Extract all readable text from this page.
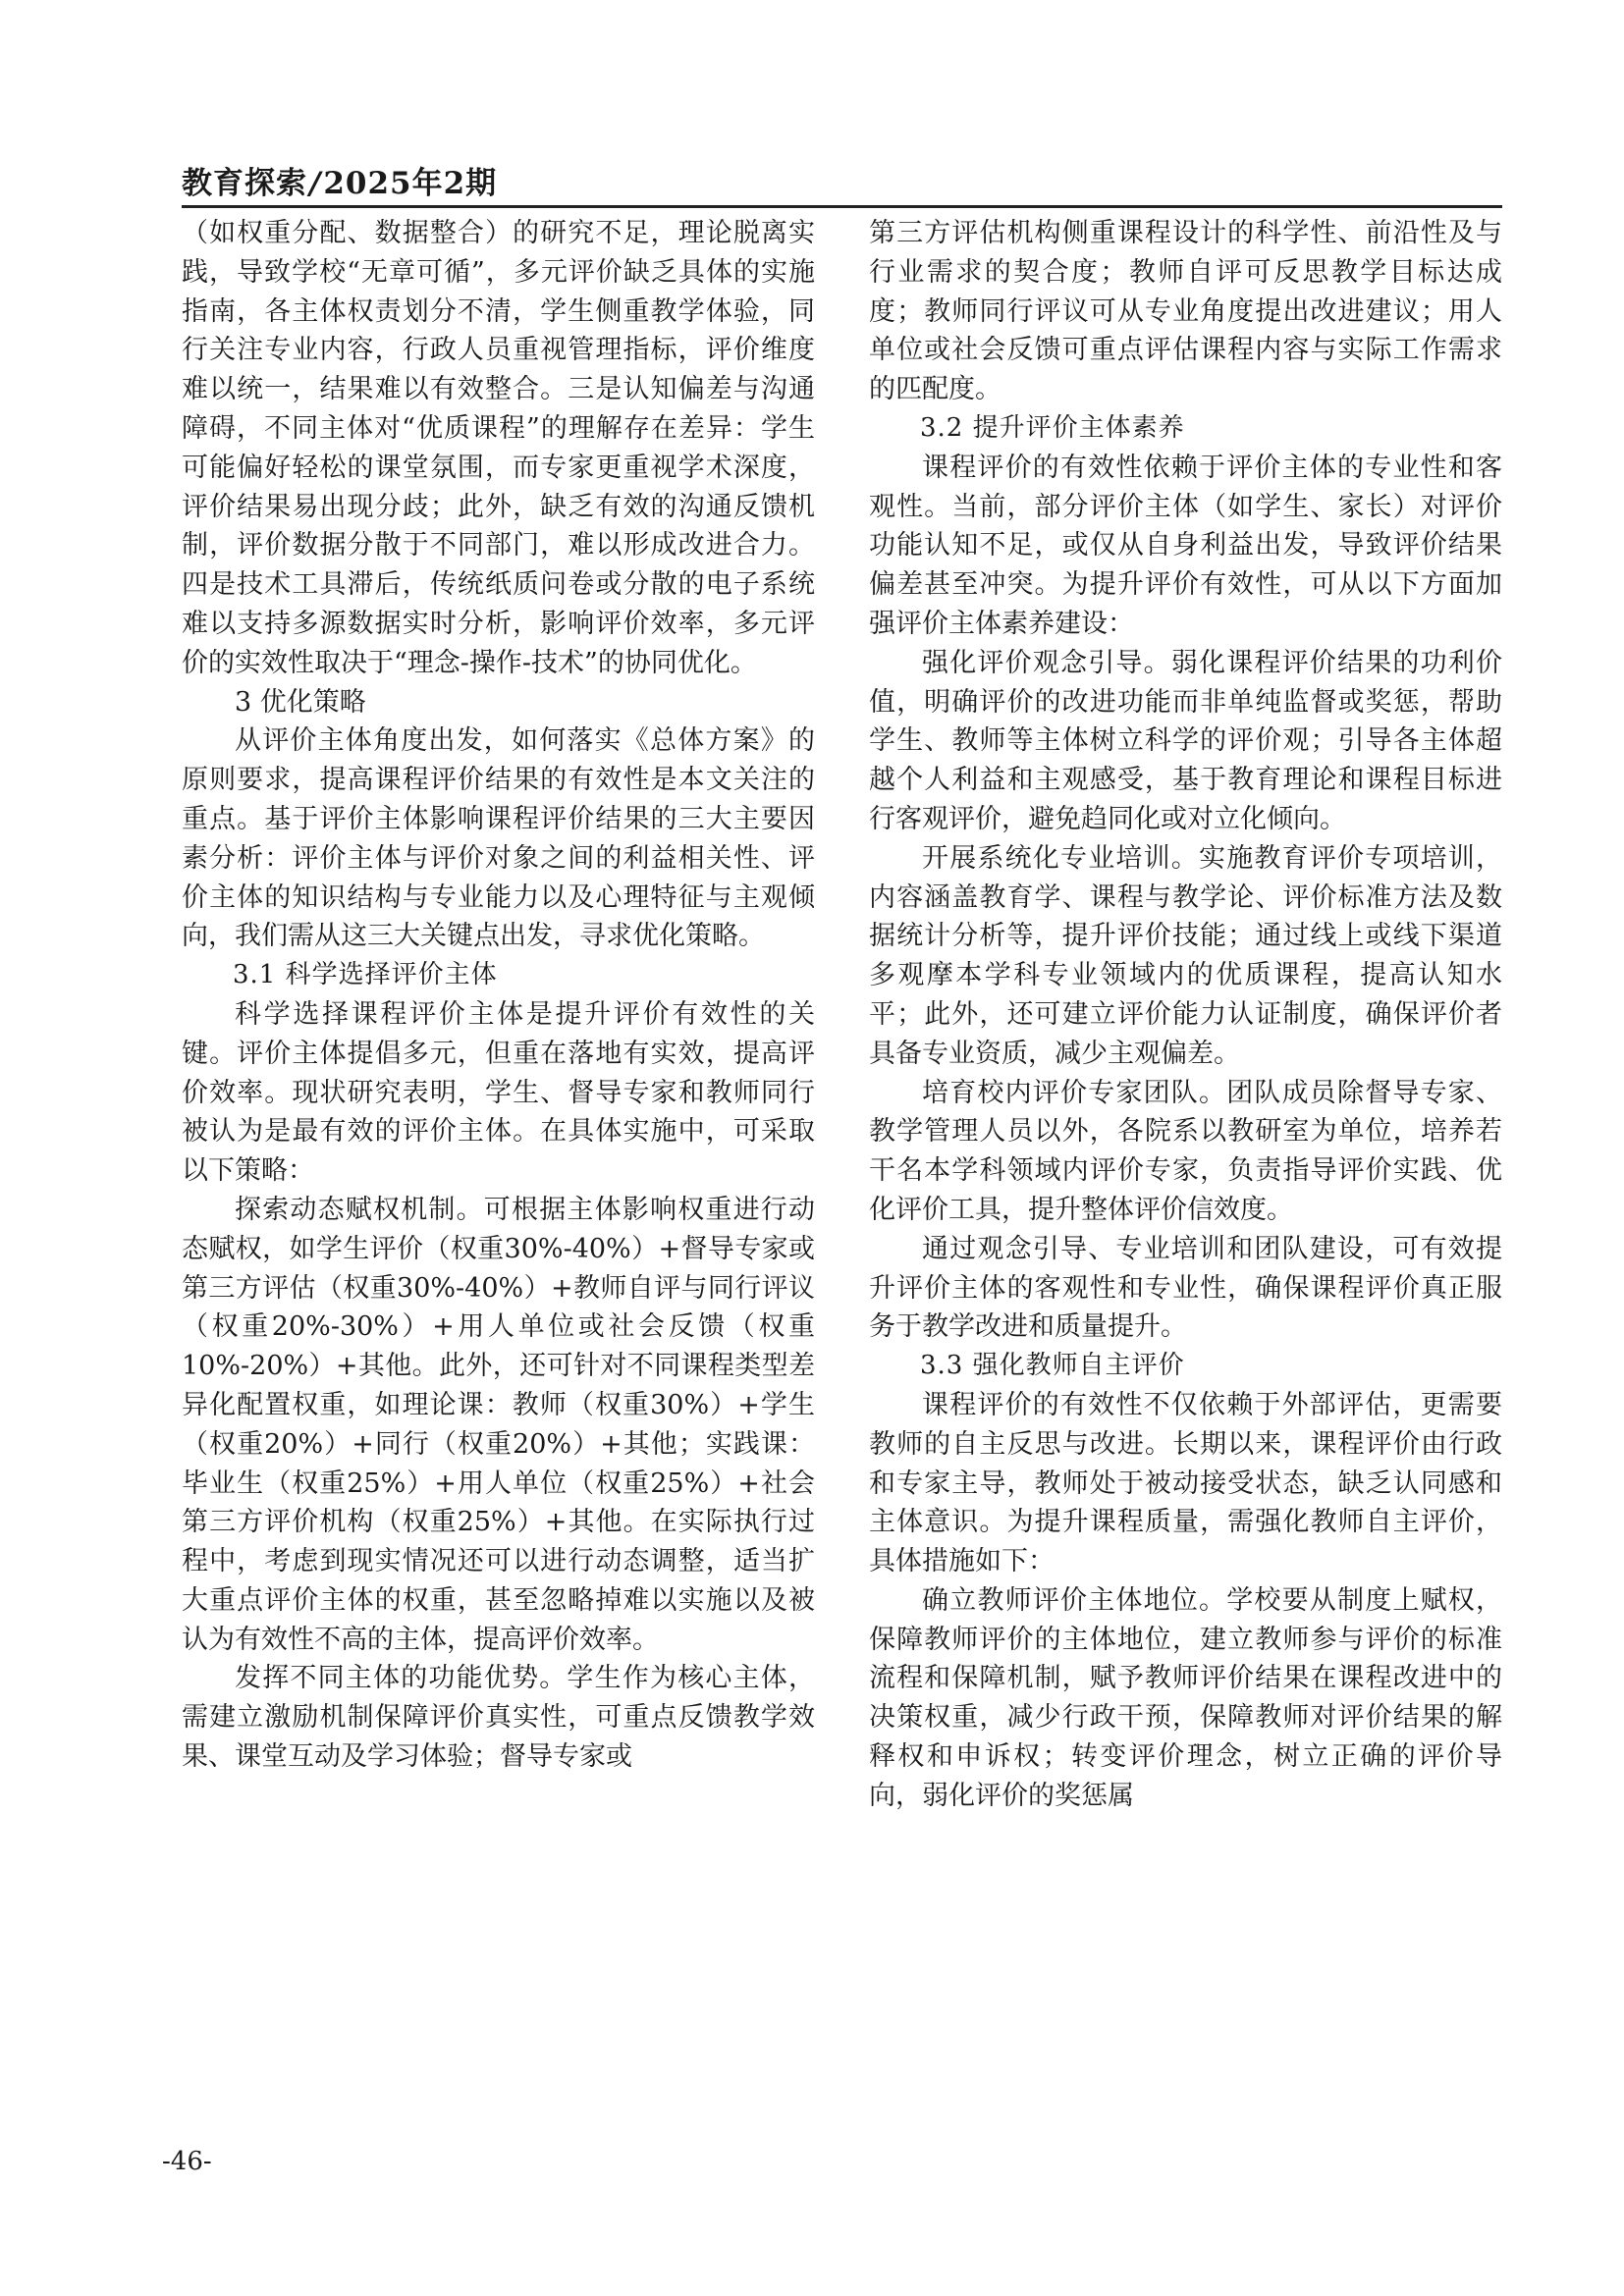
教育探索/2025年2期

（如权重分配、数据整合）的研究不足，理论脱离实践，导致学校“无章可循”，多元评价缺乏具体的实施指南，各主体权责划分不清，学生侧重教学体验，同行关注专业内容，行政人员重视管理指标，评价维度难以统一，结果难以有效整合。三是认知偏差与沟通障碍，不同主体对“优质课程”的理解存在差异：学生可能偏好轻松的课堂氛围，而专家更重视学术深度，评价结果易出现分歧；此外，缺乏有效的沟通反馈机制，评价数据分散于不同部门，难以形成改进合力。四是技术工具滞后，传统纸质问卷或分散的电子系统难以支持多源数据实时分析，影响评价效率，多元评价的实效性取决于“理念-操作-技术”的协同优化。

3 优化策略

从评价主体角度出发，如何落实《总体方案》的原则要求，提高课程评价结果的有效性是本文关注的重点。基于评价主体影响课程评价结果的三大主要因素分析：评价主体与评价对象之间的利益相关性、评价主体的知识结构与专业能力以及心理特征与主观倾向，我们需从这三大关键点出发，寻求优化策略。

3.1 科学选择评价主体

科学选择课程评价主体是提升评价有效性的关键。评价主体提倡多元，但重在落地有实效，提高评价效率。现状研究表明，学生、督导专家和教师同行被认为是最有效的评价主体。在具体实施中，可采取以下策略：

探索动态赋权机制。可根据主体影响权重进行动态赋权，如学生评价（权重30%-40%）+督导专家或第三方评估（权重30%-40%）+教师自评与同行评议（权重20%-30%）+用人单位或社会反馈（权重10%-20%）+其他。此外，还可针对不同课程类型差异化配置权重，如理论课：教师（权重30%）+学生（权重20%）+同行（权重20%）+其他；实践课：毕业生（权重25%）+用人单位（权重25%）+社会第三方评价机构（权重25%）+其他。在实际执行过程中，考虑到现实情况还可以进行动态调整，适当扩大重点评价主体的权重，甚至忽略掉难以实施以及被认为有效性不高的主体，提高评价效率。

发挥不同主体的功能优势。学生作为核心主体，需建立激励机制保障评价真实性，可重点反馈教学效果、课堂互动及学习体验；督导专家或

第三方评估机构侧重课程设计的科学性、前沿性及与行业需求的契合度；教师自评可反思教学目标达成度；教师同行评议可从专业角度提出改进建议；用人单位或社会反馈可重点评估课程内容与实际工作需求的匹配度。

3.2 提升评价主体素养

课程评价的有效性依赖于评价主体的专业性和客观性。当前，部分评价主体（如学生、家长）对评价功能认知不足，或仅从自身利益出发，导致评价结果偏差甚至冲突。为提升评价有效性，可从以下方面加强评价主体素养建设：

强化评价观念引导。弱化课程评价结果的功利价值，明确评价的改进功能而非单纯监督或奖惩，帮助学生、教师等主体树立科学的评价观；引导各主体超越个人利益和主观感受，基于教育理论和课程目标进行客观评价，避免趋同化或对立化倾向。

开展系统化专业培训。实施教育评价专项培训，内容涵盖教育学、课程与教学论、评价标准方法及数据统计分析等，提升评价技能；通过线上或线下渠道多观摩本学科专业领域内的优质课程，提高认知水平；此外，还可建立评价能力认证制度，确保评价者具备专业资质，减少主观偏差。

培育校内评价专家团队。团队成员除督导专家、教学管理人员以外，各院系以教研室为单位，培养若干名本学科领域内评价专家，负责指导评价实践、优化评价工具，提升整体评价信效度。

通过观念引导、专业培训和团队建设，可有效提升评价主体的客观性和专业性，确保课程评价真正服务于教学改进和质量提升。

3.3 强化教师自主评价

课程评价的有效性不仅依赖于外部评估，更需要教师的自主反思与改进。长期以来，课程评价由行政和专家主导，教师处于被动接受状态，缺乏认同感和主体意识。为提升课程质量，需强化教师自主评价，具体措施如下：

确立教师评价主体地位。学校要从制度上赋权，保障教师评价的主体地位，建立教师参与评价的标准流程和保障机制，赋予教师评价结果在课程改进中的决策权重，减少行政干预，保障教师对评价结果的解释权和申诉权；转变评价理念，树立正确的评价导向，弱化评价的奖惩属

-46-
